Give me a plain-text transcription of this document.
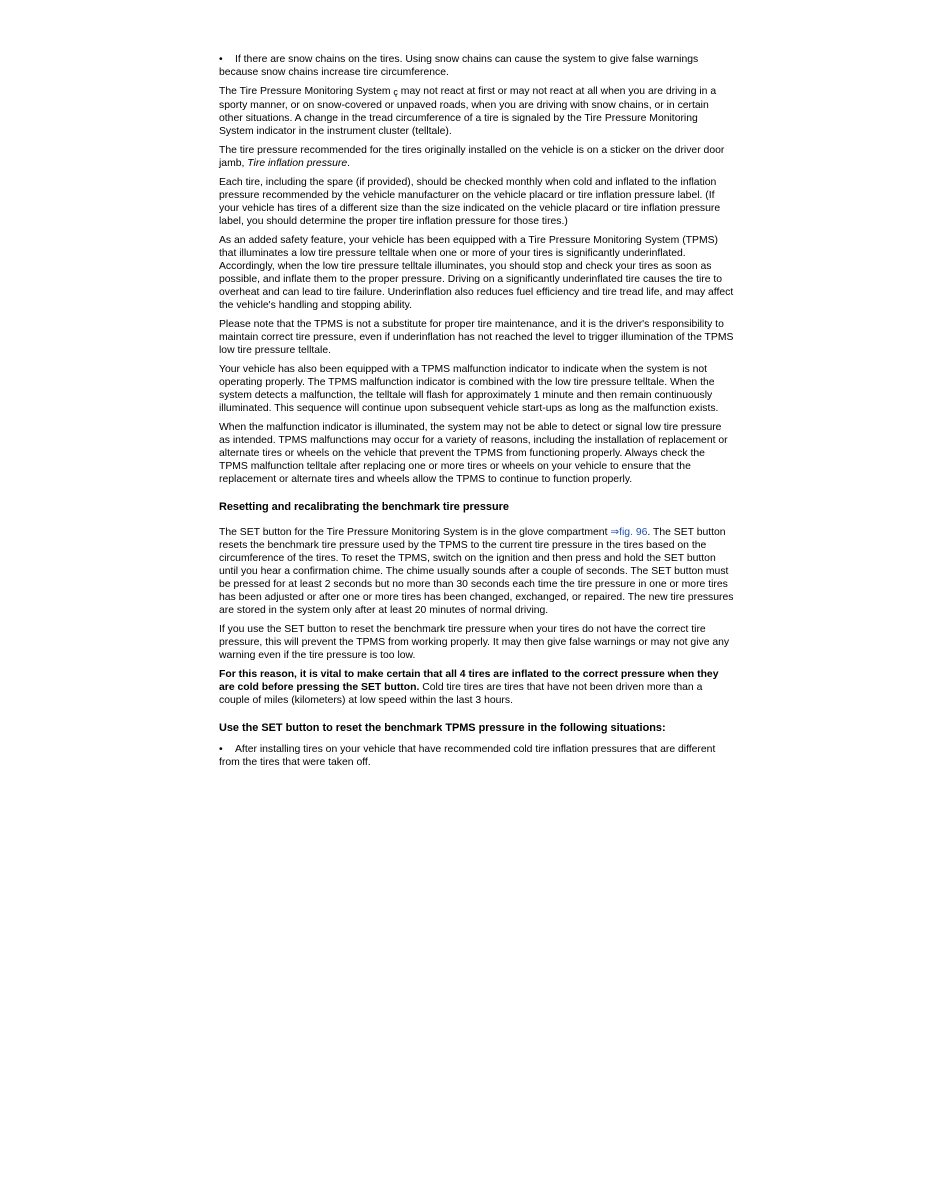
• If there are snow chains on the tires. Using snow chains can cause the system to give false warnings because snow chains increase tire circumference.

The Tire Pressure Monitoring System ç may not react at first or may not react at all when you are driving in a sporty manner, or on snow-covered or unpaved roads, when you are driving with snow chains, or in certain other situations. A change in the tread circumference of a tire is signaled by the Tire Pressure Monitoring System indicator in the instrument cluster (telltale).

The tire pressure recommended for the tires originally installed on the vehicle is on a sticker on the driver door jamb, Tire inflation pressure.

Each tire, including the spare (if provided), should be checked monthly when cold and inflated to the inflation pressure recommended by the vehicle manufacturer on the vehicle placard or tire inflation pressure label. (If your vehicle has tires of a different size than the size indicated on the vehicle placard or tire inflation pressure label, you should determine the proper tire inflation pressure for those tires.)

As an added safety feature, your vehicle has been equipped with a Tire Pressure Monitoring System (TPMS) that illuminates a low tire pressure telltale when one or more of your tires is significantly underinflated. Accordingly, when the low tire pressure telltale illuminates, you should stop and check your tires as soon as possible, and inflate them to the proper pressure. Driving on a significantly underinflated tire causes the tire to overheat and can lead to tire failure. Underinflation also reduces fuel efficiency and tire tread life, and may affect the vehicle's handling and stopping ability.

Please note that the TPMS is not a substitute for proper tire maintenance, and it is the driver's responsibility to maintain correct tire pressure, even if underinflation has not reached the level to trigger illumination of the TPMS low tire pressure telltale.

Your vehicle has also been equipped with a TPMS malfunction indicator to indicate when the system is not operating properly. The TPMS malfunction indicator is combined with the low tire pressure telltale. When the system detects a malfunction, the telltale will flash for approximately 1 minute and then remain continuously illuminated. This sequence will continue upon subsequent vehicle start-ups as long as the malfunction exists.

When the malfunction indicator is illuminated, the system may not be able to detect or signal low tire pressure as intended. TPMS malfunctions may occur for a variety of reasons, including the installation of replacement or alternate tires or wheels on the vehicle that prevent the TPMS from functioning properly. Always check the TPMS malfunction telltale after replacing one or more tires or wheels on your vehicle to ensure that the replacement or alternate tires and wheels allow the TPMS to continue to function properly.

Resetting and recalibrating the benchmark tire pressure

The SET button for the Tire Pressure Monitoring System is in the glove compartment ⇒fig. 96. The SET button resets the benchmark tire pressure used by the TPMS to the current tire pressure in the tires based on the circumference of the tires. To reset the TPMS, switch on the ignition and then press and hold the SET button until you hear a confirmation chime. The chime usually sounds after a couple of seconds. The SET button must be pressed for at least 2 seconds but no more than 30 seconds each time the tire pressure in one or more tires has been adjusted or after one or more tires has been changed, exchanged, or repaired. The new tire pressures are stored in the system only after at least 20 minutes of normal driving.

If you use the SET button to reset the benchmark tire pressure when your tires do not have the correct tire pressure, this will prevent the TPMS from working properly. It may then give false warnings or may not give any warning even if the tire pressure is too low.

For this reason, it is vital to make certain that all 4 tires are inflated to the correct pressure when they are cold before pressing the SET button. Cold tire tires are tires that have not been driven more than a couple of miles (kilometers) at low speed within the last 3 hours.

Use the SET button to reset the benchmark TPMS pressure in the following situations:

• After installing tires on your vehicle that have recommended cold tire inflation pressures that are different from the tires that were taken off.
